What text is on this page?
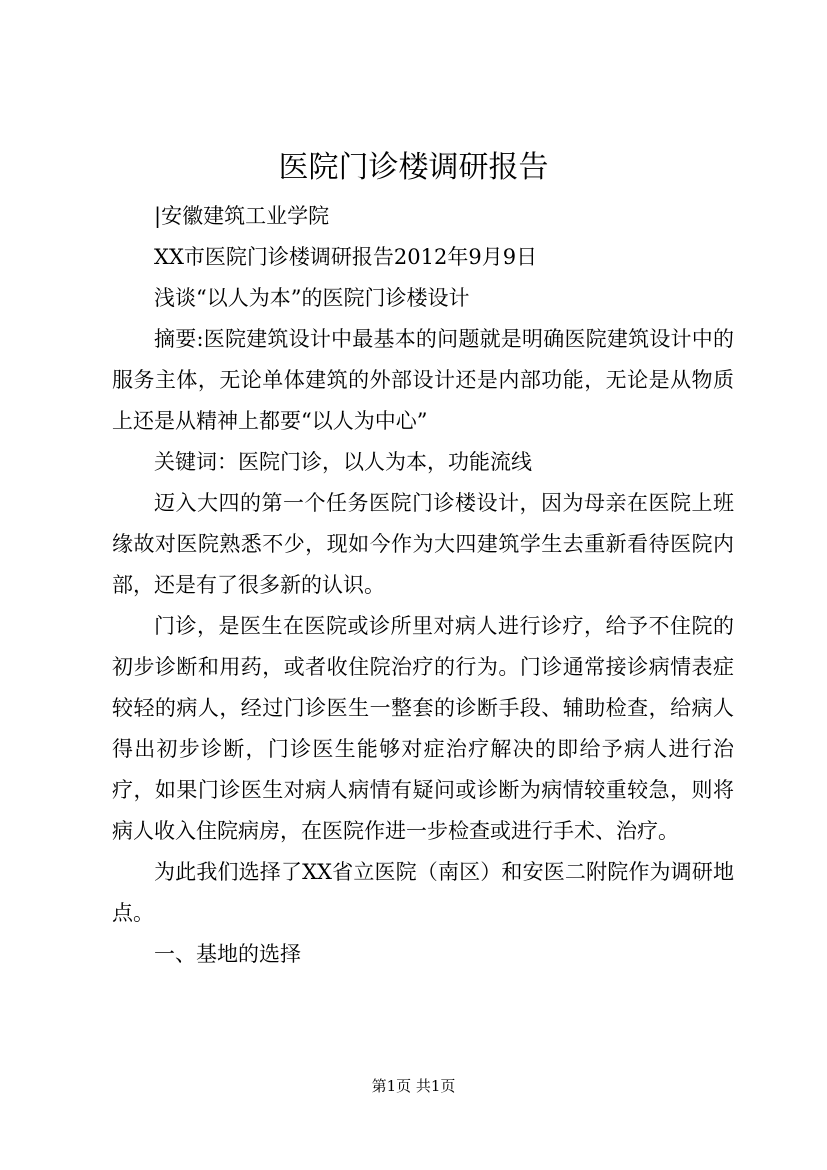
医院门诊楼调研报告

|安徽建筑工业学院

XX市医院门诊楼调研报告2012年9月9日

浅谈“以人为本”的医院门诊楼设计

摘要:医院建筑设计中最基本的问题就是明确医院建筑设计中的服务主体，无论单体建筑的外部设计还是内部功能，无论是从物质上还是从精神上都要“以人为中心”

关键词：医院门诊，以人为本，功能流线

迈入大四的第一个任务医院门诊楼设计，因为母亲在医院上班缘故对医院熟悉不少，现如今作为大四建筑学生去重新看待医院内部，还是有了很多新的认识。

门诊，是医生在医院或诊所里对病人进行诊疗，给予不住院的初步诊断和用药，或者收住院治疗的行为。门诊通常接诊病情表症较轻的病人，经过门诊医生一整套的诊断手段、辅助检查，给病人得出初步诊断，门诊医生能够对症治疗解决的即给予病人进行治疗，如果门诊医生对病人病情有疑问或诊断为病情较重较急，则将病人收入住院病房，在医院作进一步检查或进行手术、治疗。

为此我们选择了XX省立医院（南区）和安医二附院作为调研地点。

一、基地的选择

第1页 共1页
